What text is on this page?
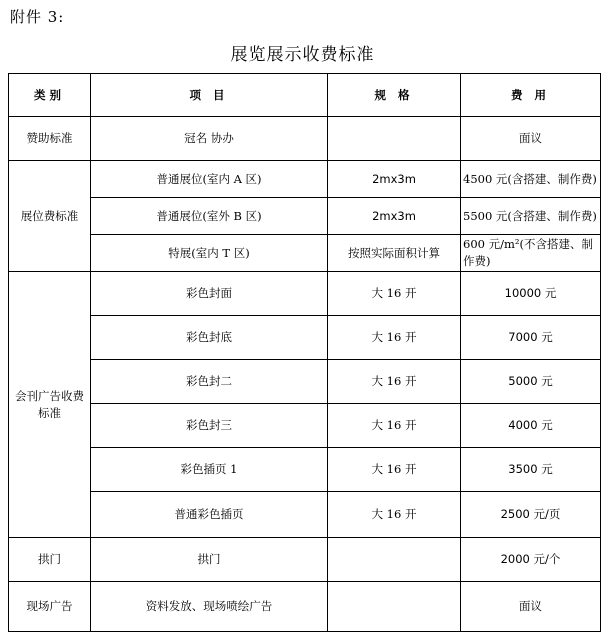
附件 3:
展览展示收费标准
类别	项 目	规 格	费 用
赞助标准	冠名 协办		面议
展位费标准	普通展位(室内 A 区)	2mx3m	4500 元(含搭建、制作费)
	普通展位(室外 B 区)	2mx3m	5500 元(含搭建、制作费)
	特展(室内 T 区)	按照实际面积计算	600 元/m²(不含搭建、制作费)
会刊广告收费标准	彩色封面	大 16 开	10000 元
	彩色封底	大 16 开	7000 元
	彩色封二	大 16 开	5000 元
	彩色封三	大 16 开	4000 元
	彩色插页 1	大 16 开	3500 元
	普通彩色插页	大 16 开	2500 元/页
拱门	拱门		2000 元/个
现场广告	资料发放、现场喷绘广告		面议
